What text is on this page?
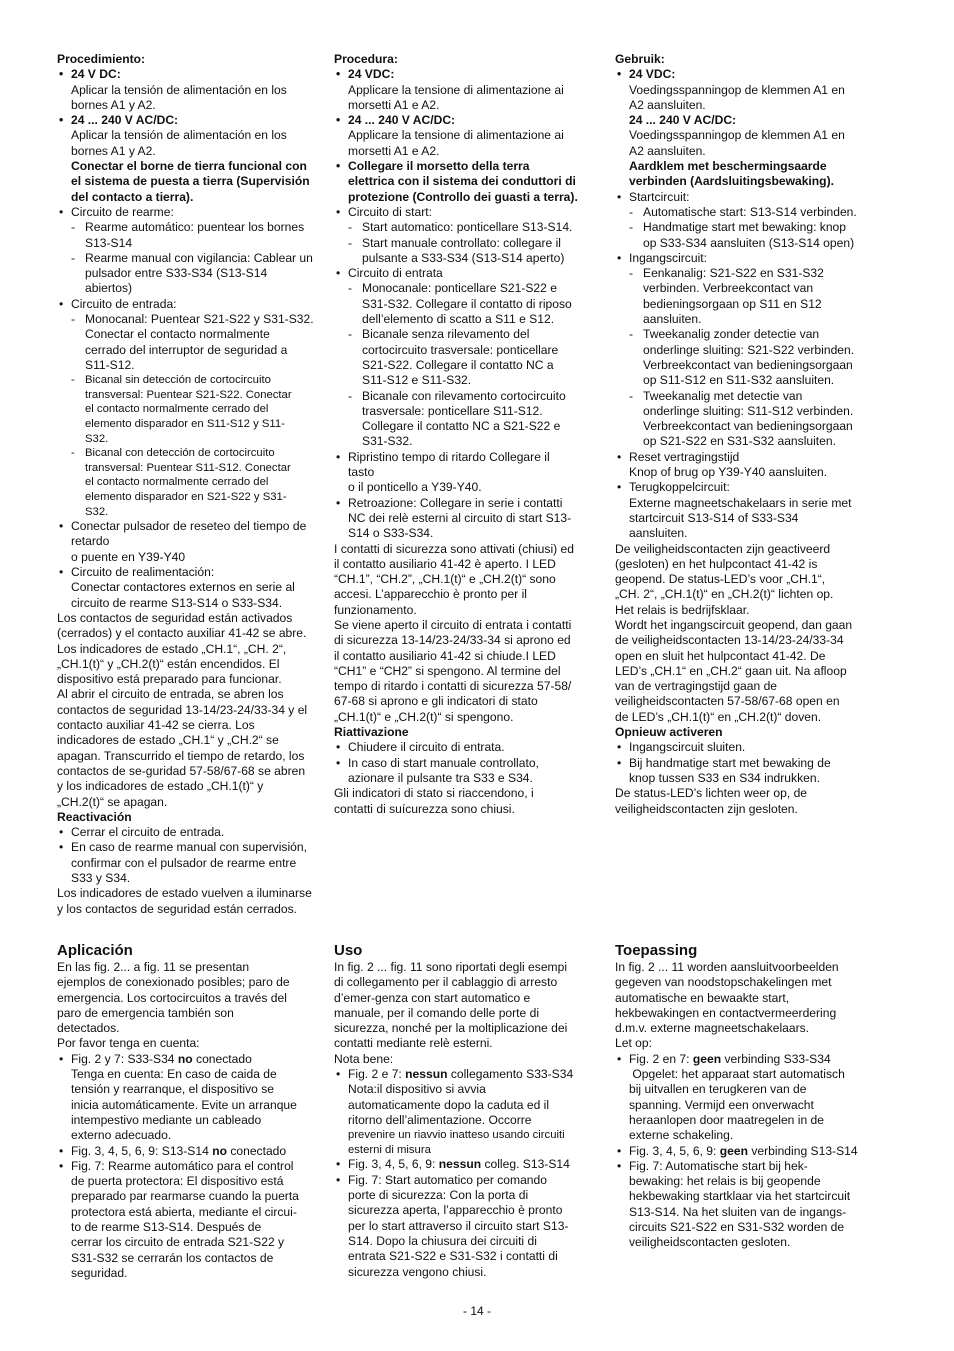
Procedimiento:

• 24 V DC:

Aplicar la tensión de alimentación en los

bornes A1 y A2.

• 24 ... 240 V AC/DC:

Aplicar la tensión de alimentación en los

bornes A1 y A2.

Conectar el borne de tierra funcional con

el sistema de puesta a tierra (Supervisión

del contacto a tierra).

• Circuito de rearme:

- Rearme automático: puentear los bornes

S13-S14

- Rearme manual con vigilancia: Cablear un

pulsador entre S33-S34 (S13-S14

abiertos)

• Circuito de entrada:

- Monocanal: Puentear S21-S22 y S31-S32.

Conectar el contacto normalmente

cerrado del interruptor de seguridad a

S11-S12.

- Bicanal sin detección de cortocircuito

transversal: Puentear S21-S22. Conectar

el contacto normalmente cerrado del

elemento disparador en S11-S12 y S11-

S32.

- Bicanal con detección de cortocircuito

transversal: Puentear S11-S12. Conectar

el contacto normalmente cerrado del

elemento disparador en S21-S22 y S31-

S32.

• Conectar pulsador de reseteo del tiempo de

retardo

o puente en Y39-Y40

• Circuito de realimentación:

Conectar contactores externos en serie al

circuito de rearme S13-S14 o S33-S34.

Los contactos de seguridad están activados

(cerrados) y el contacto auxiliar 41-42 se abre.

Los indicadores de estado „CH.1“, „CH. 2“,

„CH.1(t)“ y „CH.2(t)“ están encendidos. El

dispositivo está preparado para funcionar.

Al abrir el circuito de entrada, se abren los

contactos de seguridad 13-14/23-24/33-34 y el

contacto auxiliar 41-42 se cierra. Los

indicadores de estado „CH.1“ y „CH.2“ se

apagan. Transcurrido el tiempo de retardo, los

contactos de se-guridad 57-58/67-68 se abren

y los indicadores de estado „CH.1(t)“ y

„CH.2(t)“ se apagan.

Reactivación

• Cerrar el circuito de entrada.

• En caso de rearme manual con supervisión,

confirmar con el pulsador de rearme entre

S33 y S34.

Los indicadores de estado vuelven a iluminarse

y los contactos de seguridad están cerrados.

Procedura:

• 24 VDC:

Applicare la tensione di alimentazione ai

morsetti A1 e A2.

• 24 ... 240 V AC/DC:

Applicare la tensione di alimentazione ai

morsetti A1 e A2.

• Collegare il morsetto della terra

elettrica con il sistema dei conduttori di

protezione (Controllo dei guasti a terra).

• Circuito di start:

- Start automatico: ponticellare S13-S14.

- Start manuale controllato: collegare il

pulsante a S33-S34 (S13-S14 aperto)

• Circuito di entrata

- Monocanale: ponticellare S21-S22 e

S31-S32. Collegare il contatto di riposo

dell’elemento di scatto a S11 e S12.

- Bicanale senza rilevamento del

cortocircuito trasversale: ponticellare

S21-S22. Collegare il contatto NC a

S11-S12 e S11-S32.

- Bicanale con rilevamento cortocircuito

trasversale: ponticellare S11-S12.

Collegare il contatto NC a S21-S22 e

S31-S32.

• Ripristino tempo di ritardo Collegare il

tasto

o il ponticello a Y39-Y40.

• Retroazione: Collegare in serie i contatti

NC dei relè esterni al circuito di start S13-

S14 o S33-S34.

I contatti di sicurezza sono attivati (chiusi) ed

il contatto ausiliario 41-42 è aperto. I LED

“CH.1”, “CH.2”, „CH.1(t)“ e „CH.2(t)“ sono

accesi. L’apparecchio è pronto per il

funzionamento.

Se viene aperto il circuito di entrata i contatti

di sicurezza 13-14/23-24/33-34 si aprono ed

il contatto ausiliario 41-42 si chiude.I LED

“CH1” e “CH2” si spengono. Al termine del

tempo di ritardo i contatti di sicurezza 57-58/

67-68 si aprono e gli indicatori di stato

„CH.1(t)“ e „CH.2(t)“ si spengono.

Riattivazione

• Chiudere il circuito di entrata.

• In caso di start manuale controllato,

azionare il pulsante tra S33 e S34.

Gli indicatori di stato si riaccendono, i

contatti di suícurezza sono chiusi.

Gebruik:

• 24 VDC:

Voedingsspanningop de klemmen A1 en

A2 aansluiten.

24 ... 240 V AC/DC:

Voedingsspanningop de klemmen A1 en

A2 aansluiten.

Aardklem met beschermingsaarde

verbinden (Aardsluitingsbewaking).

• Startcircuit:

- Automatische start: S13-S14 verbinden.

- Handmatige start met bewaking: knop

op S33-S34 aansluiten (S13-S14 open)

• Ingangscircuit:

- Eenkanalig: S21-S22 en S31-S32

verbinden. Verbreekcontact van

bedieningsorgaan op S11 en S12

aansluiten.

- Tweekanalig zonder detectie van

onderlinge sluiting: S21-S22 verbinden.

Verbreekcontact van bedieningsorgaan

op S11-S12 en S11-S32 aansluiten.

- Tweekanalig met detectie van

onderlinge sluiting: S11-S12 verbinden.

Verbreekcontact van bedieningsorgaan

op S21-S22 en S31-S32 aansluiten.

• Reset vertragingstijd

Knop of brug op Y39-Y40 aansluiten.

• Terugkoppelcircuit:

Externe magneetschakelaars in serie met

startcircuit S13-S14 of S33-S34

aansluiten.

De veiligheidscontacten zijn geactiveerd

(gesloten) en het hulpcontact 41-42 is

geopend. De status-LED’s voor „CH.1“,

„CH. 2“, „CH.1(t)“ en „CH.2(t)“ lichten op.

Het relais is bedrijfsklaar.

Wordt het ingangscircuit geopend, dan gaan

de veiligheidscontacten 13-14/23-24/33-34

open en sluit het hulpcontact 41-42. De

LED’s „CH.1“ en „CH.2“ gaan uit. Na afloop

van de vertragingstijd gaan de

veiligheidscontacten 57-58/67-68 open en

de LED’s „CH.1(t)“ en „CH.2(t)“ doven.

Opnieuw activeren

• Ingangscircuit sluiten.

• Bij handmatige start met bewaking de

knop tussen S33 en S34 indrukken.

De status-LED’s lichten weer op, de

veiligheidscontacten zijn gesloten.

Aplicación

En las fig. 2... a fig. 11 se presentan

ejemplos de conexionado posibles; paro de

emergencia. Los cortocircuitos a través del

paro de emergencia también son

detectados.

Por favor tenga en cuenta:

• Fig. 2 y 7: S33-S34 no conectado

Tenga en cuenta: En caso de caida de

tensión y rearranque, el dispositivo se

inicia automáticamente. Evite un arranque

intempestivo mediante un cableado

externo adecuado.

• Fig. 3, 4, 5, 6, 9: S13-S14 no conectado

• Fig. 7: Rearme automático para el control

de puerta protectora: El dispositivo está

preparado par rearmarse cuando la puerta

protectora está abierta, mediante el circui-

to de rearme S13-S14. Después de

cerrar los circuito de entrada S21-S22 y

S31-S32 se cerrarán los contactos de

seguridad.

Uso

In fig. 2 ... fig. 11 sono riportati degli esempi

di collegamento per il cablaggio di arresto

d’emer-genza con start automatico e

manuale, per il comando delle porte di

sicurezza, nonché per la moltiplicazione dei

contatti mediante relè esterni.

Nota bene:

• Fig. 2 e 7: nessun collegamento S33-S34

Nota:il dispositivo si avvia

automaticamente dopo la caduta ed il

ritorno dell’alimentazione. Occorre

prevenire un riavvio inatteso usando circuiti

esterni di misura

• Fig. 3, 4, 5, 6, 9: nessun colleg. S13-S14

• Fig. 7: Start automatico per comando

porte di sicurezza: Con la porta di

sicurezza aperta, l’apparecchio è pronto

per lo start attraverso il circuito start S13-

S14. Dopo la chiusura dei circuiti di

entrata S21-S22 e S31-S32 i contatti di

sicurezza vengono chiusi.

Toepassing

In fig. 2 ... 11 worden aansluitvoorbeelden

gegeven van noodstopschakelingen met

automatische en bewaakte start,

hekbewakingen en contactvermeerdering

d.m.v. externe magneetschakelaars.

Let op:

• Fig. 2 en 7: geen verbinding S33-S34

Opgelet: het apparaat start automatisch

bij uitvallen en terugkeren van de

spanning. Vermijd een onverwacht

heraanlopen door maatregelen in de

externe schakeling.

• Fig. 3, 4, 5, 6, 9: geen verbinding S13-S14

• Fig. 7: Automatische start bij hek-

bewaking: het relais is bij geopende

hekbewaking startklaar via het startcircuit

S13-S14. Na het sluiten van de ingangs-

circuits S21-S22 en S31-S32 worden de

veiligheidscontacten gesloten.

- 14 -
